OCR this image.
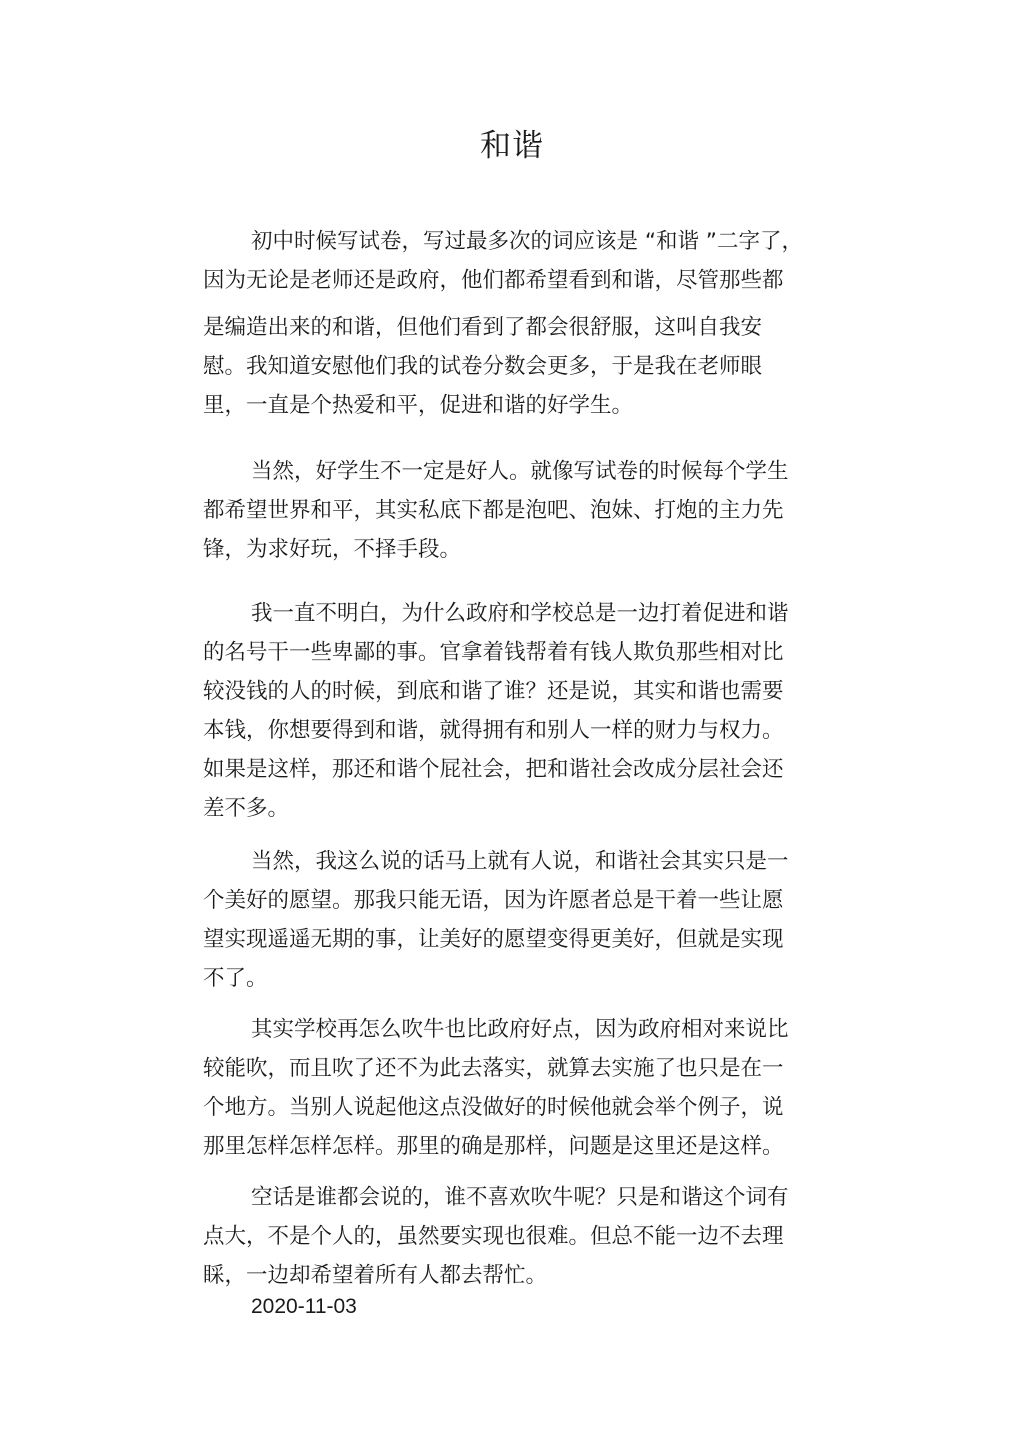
和谐
初中时候写试卷，写过最多次的词应该是 “和谐 ”二字了，
因为无论是老师还是政府，他们都希望看到和谐，尽管那些都
是编造出来的和谐，但他们看到了都会很舒服，这叫自我安
慰。我知道安慰他们我的试卷分数会更多，于是我在老师眼
里，一直是个热爱和平，促进和谐的好学生。
当然，好学生不一定是好人。就像写试卷的时候每个学生
都希望世界和平，其实私底下都是泡吧、泡妹、打炮的主力先
锋，为求好玩，不择手段。
我一直不明白，为什么政府和学校总是一边打着促进和谐
的名号干一些卑鄙的事。官拿着钱帮着有钱人欺负那些相对比
较没钱的人的时候，到底和谐了谁？还是说，其实和谐也需要
本钱，你想要得到和谐，就得拥有和别人一样的财力与权力。
如果是这样，那还和谐个屁社会，把和谐社会改成分层社会还
差不多。
当然，我这么说的话马上就有人说，和谐社会其实只是一
个美好的愿望。那我只能无语，因为许愿者总是干着一些让愿
望实现遥遥无期的事，让美好的愿望变得更美好，但就是实现
不了。
其实学校再怎么吹牛也比政府好点，因为政府相对来说比
较能吹，而且吹了还不为此去落实，就算去实施了也只是在一
个地方。当别人说起他这点没做好的时候他就会举个例子，说
那里怎样怎样怎样。那里的确是那样，问题是这里还是这样。
空话是谁都会说的，谁不喜欢吹牛呢？只是和谐这个词有
点大，不是个人的，虽然要实现也很难。但总不能一边不去理
睬，一边却希望着所有人都去帮忙。
2020-11-03
